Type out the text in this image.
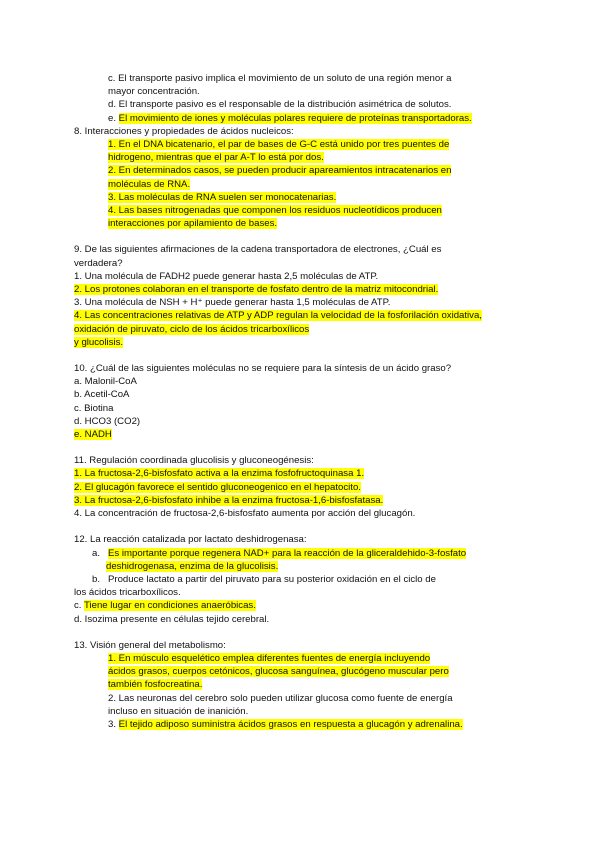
c. El transporte pasivo implica el movimiento de un soluto de una región menor a
mayor concentración.
d. El transporte pasivo es el responsable de la distribución asimétrica de solutos.
e. El movimiento de iones y moléculas polares requiere de proteínas transportadoras.
8. Interacciones y propiedades de ácidos nucleicos:
1. En el DNA bicatenario, el par de bases de G-C está unido por tres puentes de
hidrogeno, mientras que el par A-T lo está por dos.
2. En determinados casos, se pueden producir apareamientos intracatenarios en
moléculas de RNA.
3. Las moléculas de RNA suelen ser monocatenarias.
4. Las bases nitrogenadas que componen los residuos nucleotídicos producen
interacciones por apilamiento de bases.
9. De las siguientes afirmaciones de la cadena transportadora de electrones, ¿Cuál es
verdadera?
1. Una molécula de FADH2 puede generar hasta 2,5 moléculas de ATP.
2. Los protones colaboran en el transporte de fosfato dentro de la matriz mitocondrial.
3. Una molécula de NSH + H⁺ puede generar hasta 1,5 moléculas de ATP.
4. Las concentraciones relativas de ATP y ADP regulan la velocidad de la fosforilación oxidativa,
oxidación de piruvato, ciclo de los ácidos tricarboxílicos
y glucolisis.
10. ¿Cuál de las siguientes moléculas no se requiere para la síntesis de un ácido graso?
a. Malonil-CoA
b. Acetil-CoA
c. Biotina
d. HCO3 (CO2)
e. NADH
11. Regulación coordinada glucolisis y gluconeogénesis:
1. La fructosa-2,6-bisfosfato activa a la enzima fosfofructoquinasa 1.
2. El glucagón favorece el sentido gluconeogenico en el hepatocito.
3. La fructosa-2,6-bisfosfato inhibe a la enzima fructosa-1,6-bisfosfatasa.
4. La concentración de fructosa-2,6-bisfosfato aumenta por acción del glucagón.
12. La reacción catalizada por lactato deshidrogenasa:
a. Es importante porque regenera NAD+ para la reacción de la gliceraldehido-3-fosfato
deshidrogenasa, enzima de la glucolisis.
b. Produce lactato a partir del piruvato para su posterior oxidación en el ciclo de
los ácidos tricarboxílicos.
c. Tiene lugar en condiciones anaeróbicas.
d. Isozima presente en células tejido cerebral.
13. Visión general del metabolismo:
1. En músculo esquelético emplea diferentes fuentes de energía incluyendo
ácidos grasos, cuerpos cetónicos, glucosa sanguínea, glucógeno muscular pero
también fosfocreatina.
2. Las neuronas del cerebro solo pueden utilizar glucosa como fuente de energía
incluso en situación de inanición.
3. El tejido adiposo suministra ácidos grasos en respuesta a glucagón y adrenalina.
